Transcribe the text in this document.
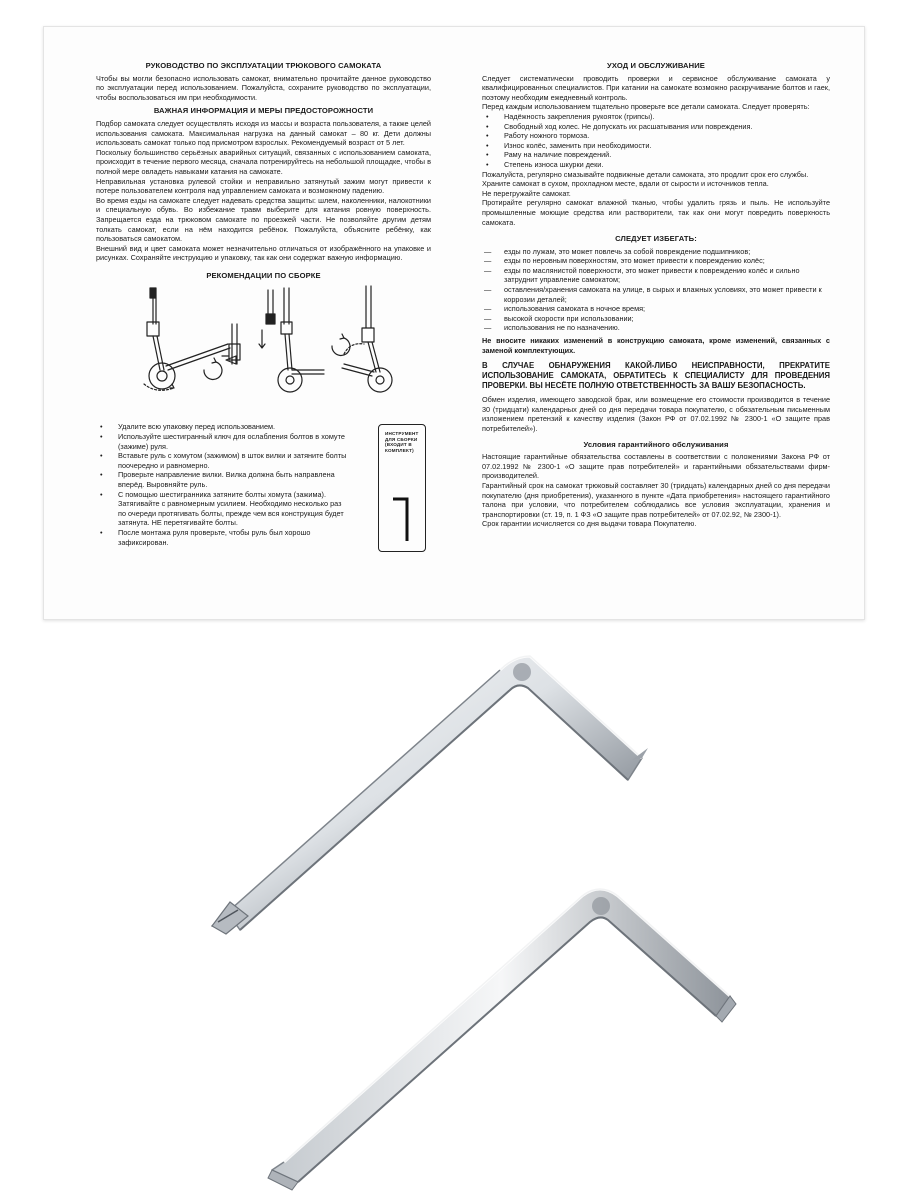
РУКОВОДСТВО ПО ЭКСПЛУАТАЦИИ ТРЮКОВОГО САМОКАТА

Чтобы вы могли безопасно использовать самокат, внимательно прочитайте данное руководство по эксплуатации перед использованием. Пожалуйста, сохраните руководство по эксплуатации, чтобы воспользоваться им при необходимости.

ВАЖНАЯ ИНФОРМАЦИЯ И МЕРЫ ПРЕДОСТОРОЖНОСТИ

Подбор самоката следует осуществлять исходя из массы и возраста пользователя, а также целей использования самоката. Максимальная нагрузка на данный самокат – 80 кг. Дети должны использовать самокат только под присмотром взрослых. Рекомендуемый возраст от 5 лет.

Поскольку большинство серьёзных аварийных ситуаций, связанных с использованием самоката, происходит в течение первого месяца, сначала потренируйтесь на небольшой площадке, чтобы в полной мере овладеть навыками катания на самокате.

Неправильная установка рулевой стойки и неправильно затянутый зажим могут привести к потере пользователем контроля над управлением самоката и возможному падению.

Во время езды на самокате следует надевать средства защиты: шлем, наколенники, налокотники и специальную обувь. Во избежание травм выберите для катания ровную поверхность. Запрещается езда на трюковом самокате по проезжей части. Не позволяйте другим детям толкать самокат, если на нём находится ребёнок. Пожалуйста, объясните ребёнку, как пользоваться самокатом.

Внешний вид и цвет самоката может незначительно отличаться от изображённого на упаковке и рисунках. Сохраняйте инструкцию и упаковку, так как они содержат важную информацию.

РЕКОМЕНДАЦИИ ПО СБОРКЕ
• Удалите всю упаковку перед использованием.
• Используйте шестигранный ключ для ослабления болтов в хомуте (зажиме) руля.
• Вставьте руль с хомутом (зажимом) в шток вилки и затяните болты поочередно и равномерно.
• Проверьте направление вилки. Вилка должна быть направлена вперёд. Выровняйте руль.
• С помощью шестигранника затяните болты хомута (зажима). Затягивайте с равномерным усилием. Необходимо несколько раз по очереди протягивать болты, прежде чем вся конструкция будет затянута. НЕ перетягивайте болты.
• После монтажа руля проверьте, чтобы руль был хорошо зафиксирован.
ИНСТРУМЕНТ ДЛЯ СБОРКИ (ВХОДИТ В КОМПЛЕКТ)
УХОД И ОБСЛУЖИВАНИЕ

Следует систематически проводить проверки и сервисное обслуживание самоката у квалифицированных специалистов. При катании на самокате возможно раскручивание болтов и гаек, поэтому необходим ежедневный контроль.

Перед каждым использованием тщательно проверьте все детали самоката. Следует проверять:

• Надёжность закрепления рукояток (грипсы).
• Свободный ход колес. Не допускать их расшатывания или повреждения.
• Работу ножного тормоза.
• Износ колёс, заменить при необходимости.
• Раму на наличие повреждений.
• Степень износа шкурки деки.

Пожалуйста, регулярно смазывайте подвижные детали самоката, это продлит срок его службы.

Храните самокат в сухом, прохладном месте, вдали от сырости и источников тепла.

Не перегружайте самокат.

Протирайте регулярно самокат влажной тканью, чтобы удалить грязь и пыль. Не используйте промышленные моющие средства или растворители, так как они могут повредить поверхность самоката.

СЛЕДУЕТ ИЗБЕГАТЬ:
— езды по лужам, это может повлечь за собой повреждение подшипников;
— езды по неровным поверхностям, это может привести к повреждению колёс;
— езды по маслянистой поверхности, это может привести к повреждению колёс и сильно затруднит управление самокатом;
— оставления/хранения самоката на улице, в сырых и влажных условиях, это может привести к коррозии деталей;
— использования самоката в ночное время;
— высокой скорости при использовании;
— использования не по назначению.

Не вносите никаких изменений в конструкцию самоката, кроме изменений, связанных с заменой комплектующих.

В СЛУЧАЕ ОБНАРУЖЕНИЯ КАКОЙ-ЛИБО НЕИСПРАВНОСТИ, ПРЕКРАТИТЕ ИСПОЛЬЗОВАНИЕ САМОКАТА, ОБРАТИТЕСЬ К СПЕЦИАЛИСТУ ДЛЯ ПРОВЕДЕНИЯ ПРОВЕРКИ. ВЫ НЕСЁТЕ ПОЛНУЮ ОТВЕТСТВЕННОСТЬ ЗА ВАШУ БЕЗОПАСНОСТЬ.

Обмен изделия, имеющего заводской брак, или возмещение его стоимости производится в течение 30 (тридцати) календарных дней со дня передачи товара покупателю, с обязательным письменным изложением претензий к качеству изделия (Закон РФ от 07.02.1992 № 2300-1 «О защите прав потребителей»).

Условия гарантийного обслуживания

Настоящие гарантийные обязательства составлены в соответствии с положениями Закона РФ от 07.02.1992 № 2300-1 «О защите прав потребителей» и гарантийными обязательствами фирм-производителей.

Гарантийный срок на самокат трюковый составляет 30 (тридцать) календарных дней со дня передачи покупателю (дня приобретения), указанного в пункте «Дата приобретения» настоящего гарантийного талона при условии, что потребителем соблюдались все условия эксплуатации, хранения и транспортировки (ст. 19, п. 1 ФЗ «О защите прав потребителей» от 07.02.92, № 2300-1).

Срок гарантии исчисляется со дня выдачи товара Покупателю.
